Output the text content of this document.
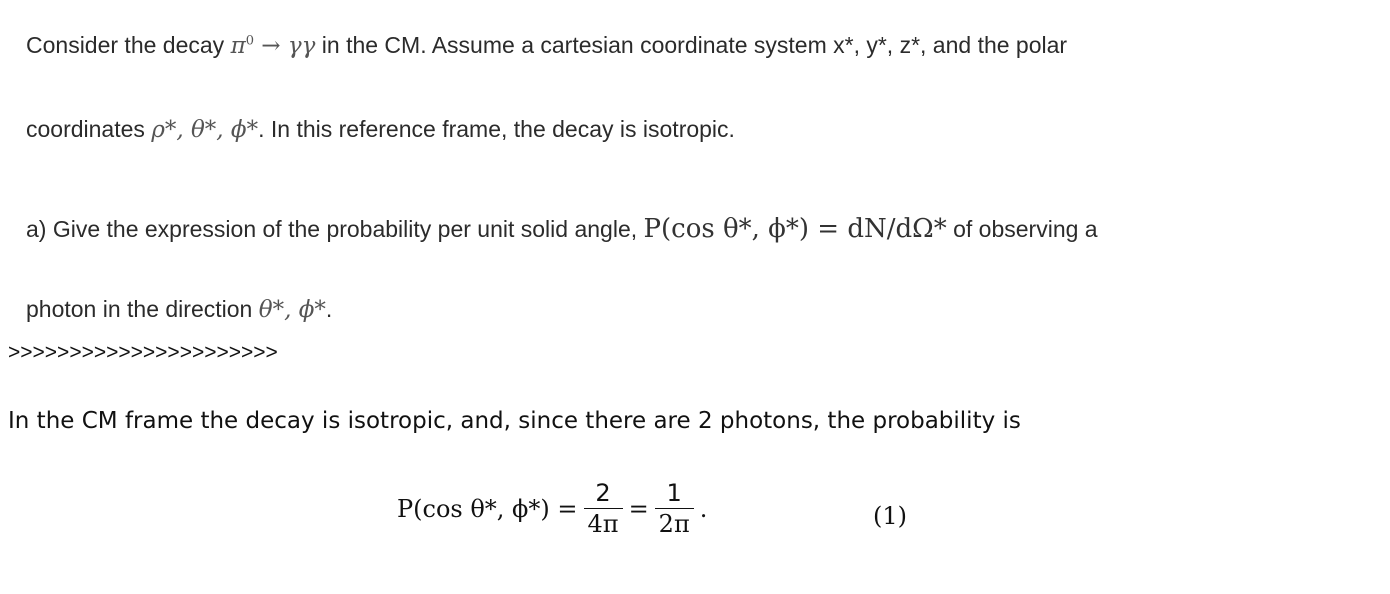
Consider the decay $\pi^0 \to \gamma\gamma$ in the CM. Assume a cartesian coordinate system x*, y*, z*, and the polar
coordinates ρ*, θ*, ϕ*. In this reference frame, the decay is isotropic.
a) Give the expression of the probability per unit solid angle, P(cos θ*, ϕ*) = dN/dΩ* of observing a
photon in the direction θ*, ϕ*.
>>>>>>>>>>>>>>>>>>>>>>
In the CM frame the decay is isotropic, and, since there are 2 photons, the probability is
P(cos θ*, $\phi*) = \frac{2}{4\pi} = \frac{1}{2\pi}$ .	(1)
